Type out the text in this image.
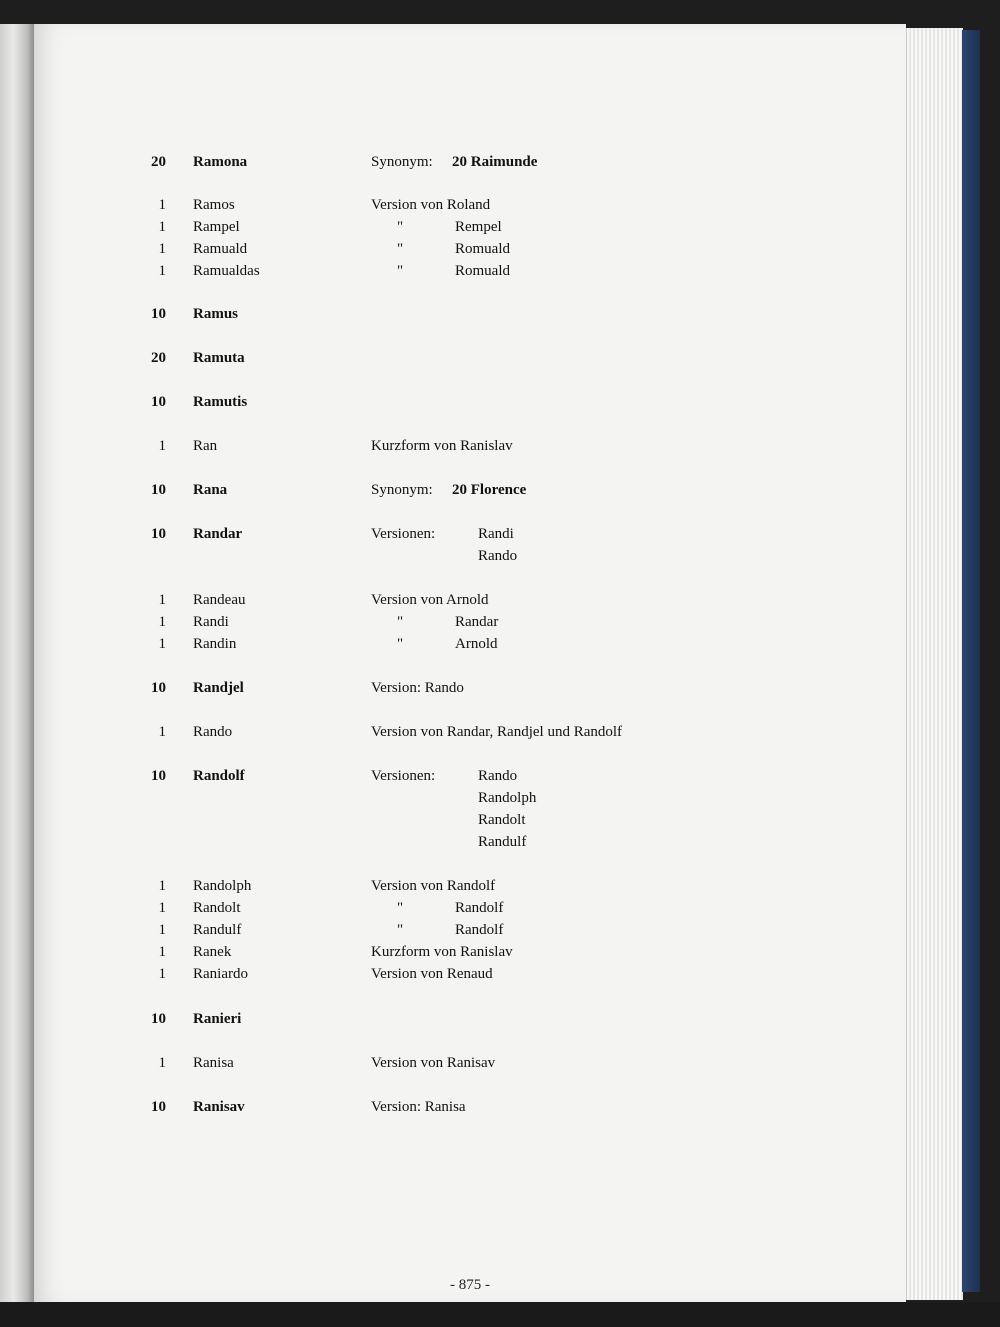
20 Ramona	Synonym: 20 Raimunde
1 Ramos	Version von Roland
1 Rampel	"	Rempel
1 Ramuald	"	Romuald
1 Ramualdas	"	Romuald
10 Ramus
20 Ramuta
10 Ramutis
1 Ran	Kurzform von Ranislav
10 Rana	Synonym: 20 Florence
10 Randar	Versionen:	Randi
Rando
1 Randeau	Version von Arnold
1 Randi	"	Randar
1 Randin	"	Arnold
10 Randjel	Version: Rando
1 Rando	Version von Randar, Randjel und Randolf
10 Randolf	Versionen:	Rando
Randolph
Randolt
Randulf
1 Randolph	Version von Randolf
1 Randolt	"	Randolf
1 Randulf	"	Randolf
1 Ranek	Kurzform von Ranislav
1 Raniardo	Version von Renaud
10 Ranieri
1 Ranisa	Version von Ranisav
10 Ranisav	Version: Ranisa
- 875 -
